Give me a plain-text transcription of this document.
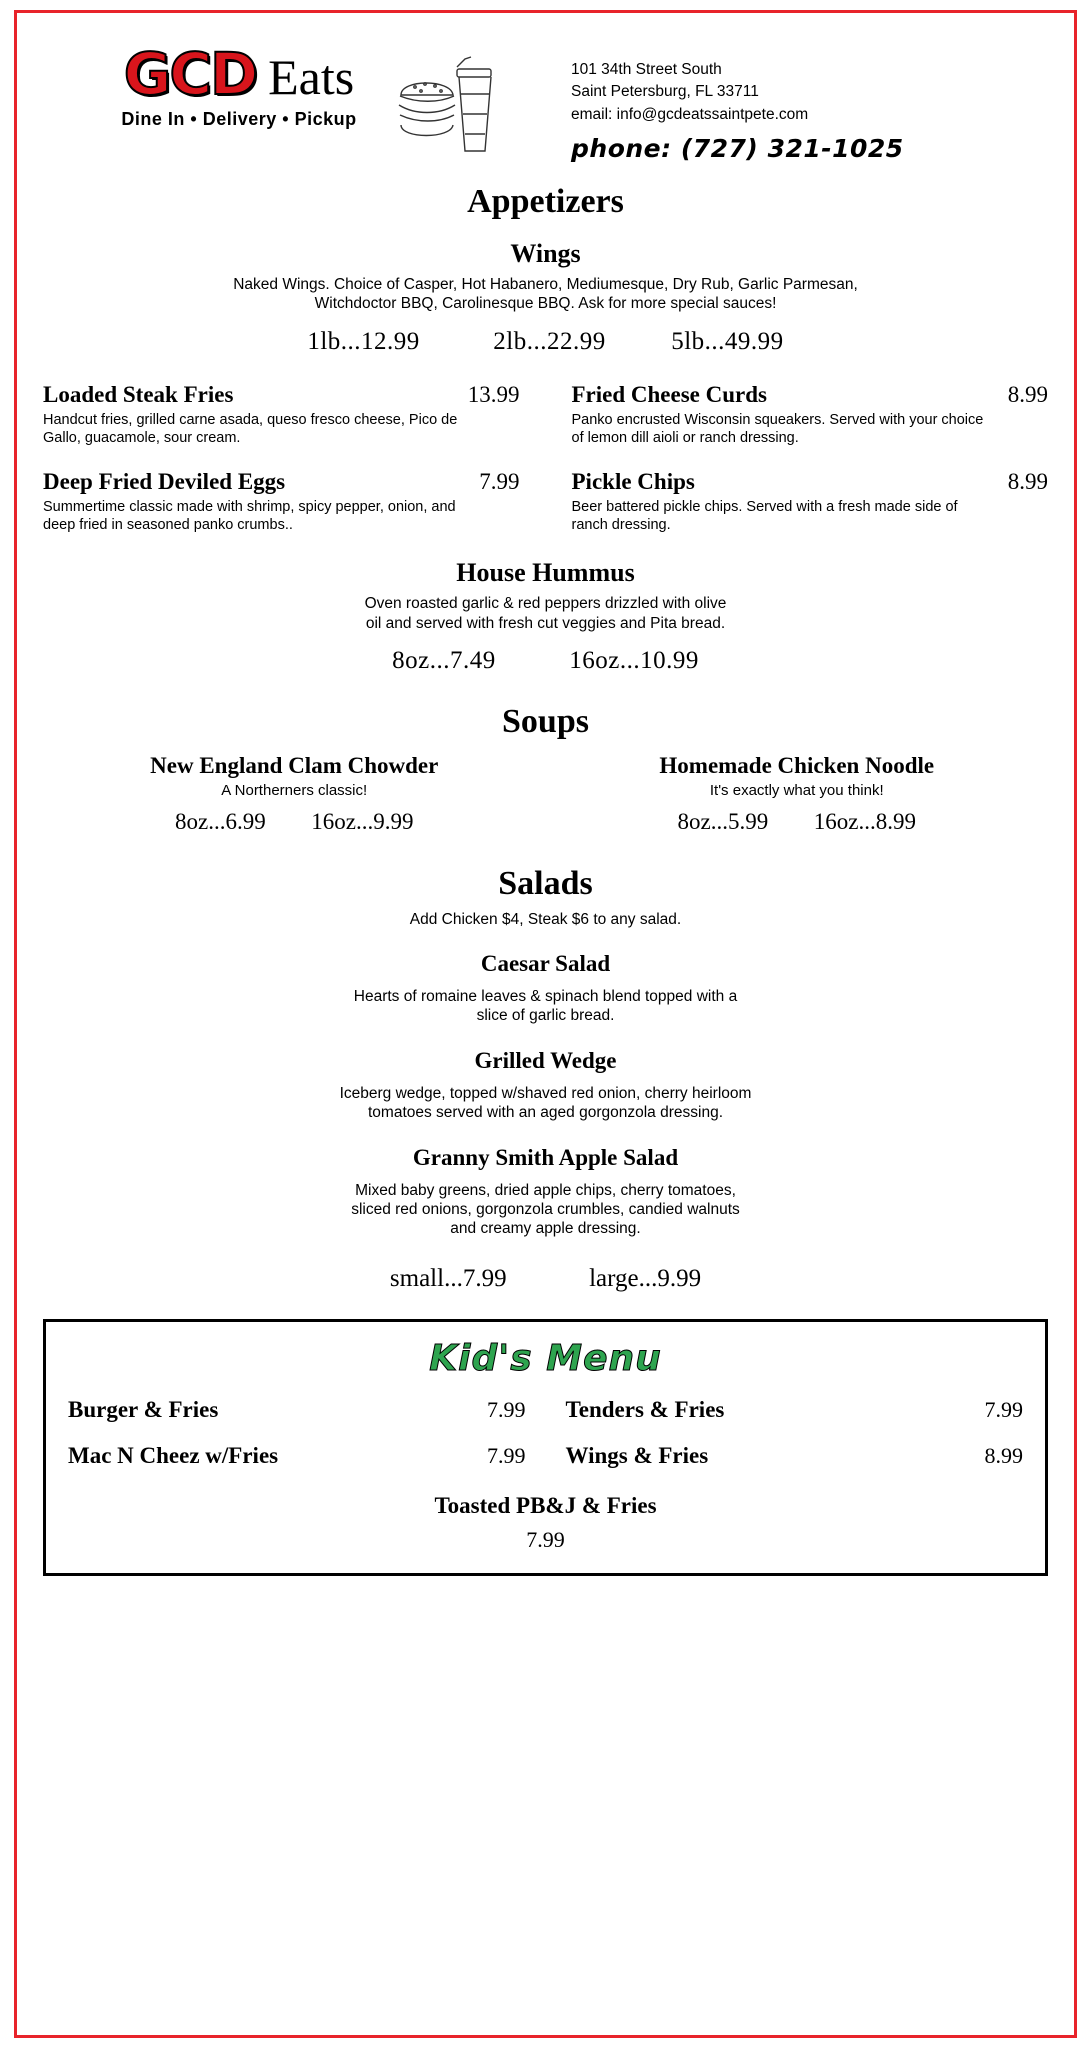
GCD Eats
Dine In • Delivery • Pickup
101 34th Street South
Saint Petersburg, FL 33711
email: info@gcdeatssaintpete.com
phone: (727) 321-1025
Appetizers
Wings
Naked Wings. Choice of Casper, Hot Habanero, Mediumesque, Dry Rub, Garlic Parmesan,
Witchdoctor BBQ, Carolinesque BBQ. Ask for more special sauces!
1lb...12.99	2lb...22.99	5lb...49.99
Loaded Steak Fries	13.99
Handcut fries, grilled carne asada, queso fresco cheese, Pico de Gallo, guacamole, sour cream.
Deep Fried Deviled Eggs	7.99
Summertime classic made with shrimp, spicy pepper, onion, and deep fried in seasoned panko crumbs..
Fried Cheese Curds	8.99
Panko encrusted Wisconsin squeakers. Served with your choice of lemon dill aioli or ranch dressing.
Pickle Chips	8.99
Beer battered pickle chips. Served with a fresh made side of ranch dressing.
House Hummus
Oven roasted garlic & red peppers drizzled with olive
oil and served with fresh cut veggies and Pita bread.
8oz...7.49	16oz...10.99
Soups
New England Clam Chowder
A Northerners classic!
8oz...6.99 16oz...9.99
Homemade Chicken Noodle
It's exactly what you think!
8oz...5.99 16oz...8.99
Salads
Add Chicken $4, Steak $6 to any salad.
Caesar Salad
Hearts of romaine leaves & spinach blend topped with a
slice of garlic bread.
Grilled Wedge
Iceberg wedge, topped w/shaved red onion, cherry heirloom
tomatoes served with an aged gorgonzola dressing.
Granny Smith Apple Salad
Mixed baby greens, dried apple chips, cherry tomatoes,
sliced red onions, gorgonzola crumbles, candied walnuts
and creamy apple dressing.
small...7.99	large...9.99
Kid's Menu
Burger & Fries	7.99
Mac N Cheez w/Fries	7.99
Tenders & Fries	7.99
Wings & Fries	8.99
Toasted PB&J & Fries
7.99
